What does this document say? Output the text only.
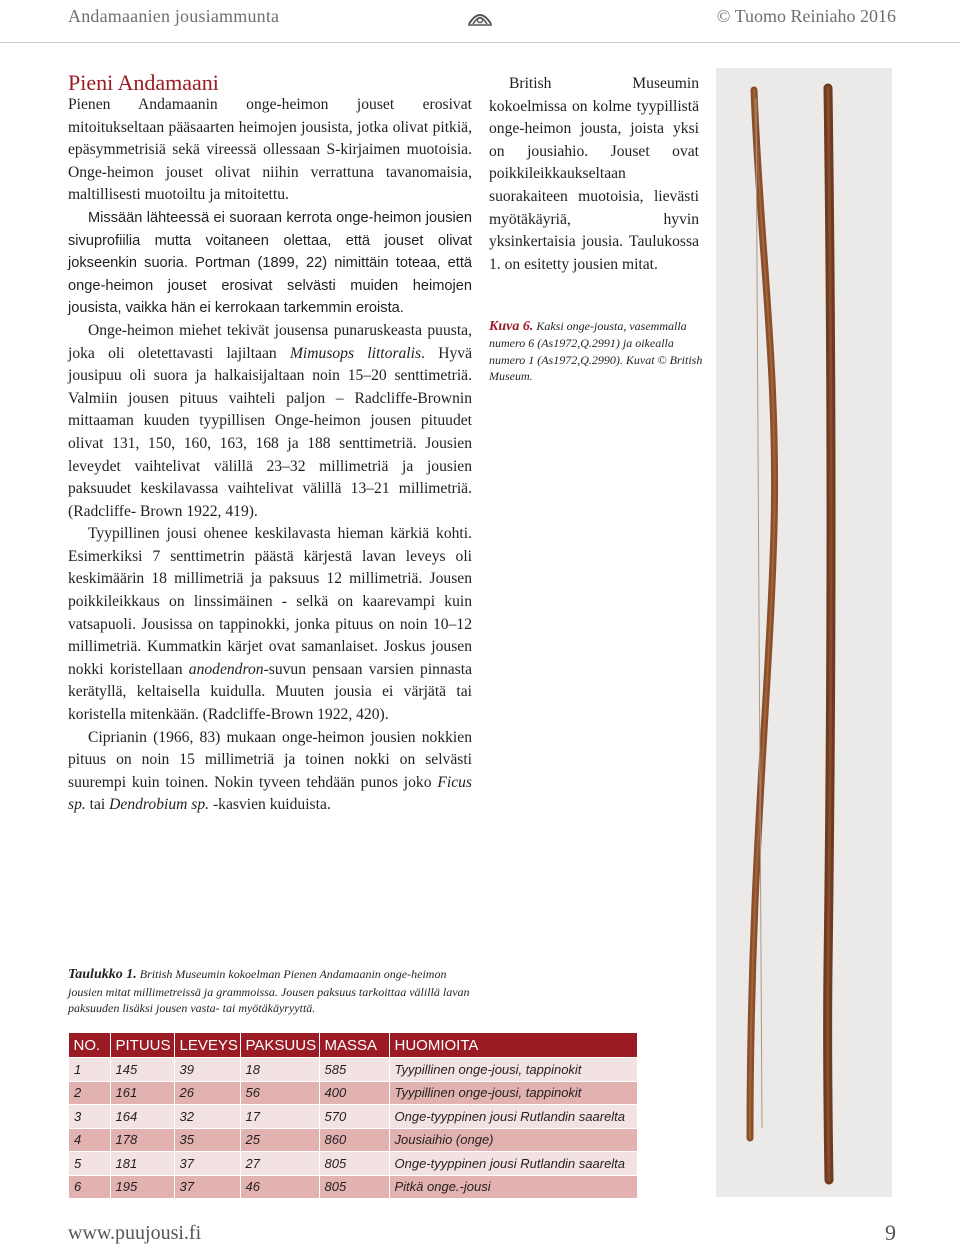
Andamaanien jousiammunta	© Tuomo Reiniaho 2016
Pieni Andamaani

Pienen Andamaanin onge-heimon jouset erosivat mitoitukseltaan pääsaarten heimojen jousista, jotka olivat pitkiä, epäsymmetrisiä sekä vireessä ollessaan S-kirjaimen muotoisia. Onge-heimon jouset olivat niihin verrattuna tavanomaisia, maltillisesti muotoiltu ja mitoitettu.

Missään lähteessä ei suoraan kerrota onge-heimon jousien sivuprofiilia mutta voitaneen olettaa, että jouset olivat jokseenkin suoria. Portman (1899, 22) nimittäin toteaa, että onge-heimon jouset erosivat selvästi muiden heimojen jousista, vaikka hän ei kerrokaan tarkemmin eroista.

Onge-heimon miehet tekivät jousensa punaruskeasta puusta, joka oli oletettavasti lajiltaan Mimusops littoralis. Hyvä jousipuu oli suora ja halkaisijaltaan noin 15–20 senttimetriä. Valmiin jousen pituus vaihteli paljon – Radcliffe-Brownin mittaaman kuuden tyypillisen Onge-heimon jousen pituudet olivat 131, 150, 160, 163, 168 ja 188 senttimetriä. Jousien leveydet vaihtelivat välillä 23–32 millimetriä ja jousien paksuudet keskilavassa vaihtelivat välillä 13–21 millimetriä. (Radcliffe- Brown 1922, 419).

Tyypillinen jousi ohenee keskilavasta hieman kärkiä kohti. Esimerkiksi 7 senttimetrin päästä kärjestä lavan leveys oli keskimäärin 18 millimetriä ja paksuus 12 millimetriä. Jousen poikkileikkaus on linssimäinen - selkä on kaarevampi kuin vatsapuoli. Jousissa on tappinokki, jonka pituus on noin 10–12 millimetriä. Kummatkin kärjet ovat samanlaiset. Joskus jousen nokki koristellaan anodendron-suvun pensaan varsien pinnasta kerätyllä, keltaisella kuidulla. Muuten jousia ei värjätä tai koristella mitenkään. (Radcliffe-Brown 1922, 420).

Ciprianin (1966, 83) mukaan onge-heimon jousien nokkien pituus on noin 15 millimetriä ja toinen nokki on selvästi suurempi kuin toinen. Nokin tyveen tehdään punos joko Ficus sp. tai Dendrobium sp. -kasvien kuiduista.

British Museumin kokoelmissa on kolme tyypillistä onge-heimon jousta, joista yksi on jousiahio. Jouset ovat poikkileikkaukseltaan suorakaiteen muotoisia, lievästi myötäkäyriä, hyvin yksinkertaisia jousia. Taulukossa 1. on esitetty jousien mitat.

Kuva 6. Kaksi onge-jousta, vasemmalla numero 6 (As1972,Q.2991) ja oikealla numero 1 (As1972,Q.2990). Kuvat © British Museum.
Taulukko 1. British Museumin kokoelman Pienen Andamaanin onge-heimon jousien mitat millimetreissä ja grammoissa. Jousen paksuus tarkoittaa välillä lavan paksuuden lisäksi jousen vasta- tai myötäkäyryyttä.
NO.	PITUUS	LEVEYS	PAKSUUS	MASSA	HUOMIOITA
1	145	39	18	585	Tyypillinen onge-jousi, tappinokit
2	161	26	56	400	Tyypillinen onge-jousi, tappinokit
3	164	32	17	570	Onge-tyyppinen jousi Rutlandin saarelta
4	178	35	25	860	Jousiaihio (onge)
5	181	37	27	805	Onge-tyyppinen jousi Rutlandin saarelta
6	195	37	46	805	Pitkä onge.-jousi
www.puujousi.fi	9
